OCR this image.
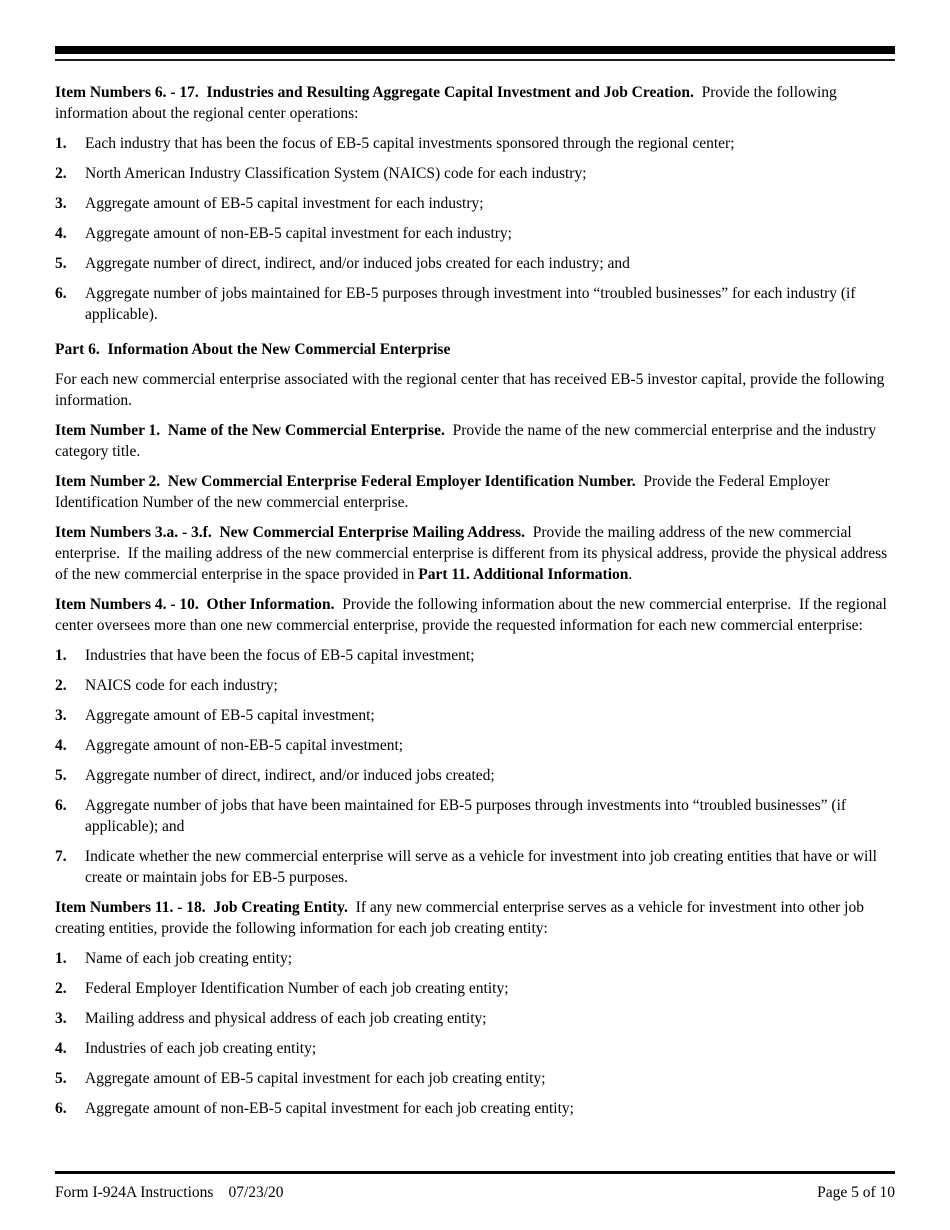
Item Numbers 6. - 17.  Industries and Resulting Aggregate Capital Investment and Job Creation.  Provide the following information about the regional center operations:

1.	Each industry that has been the focus of EB-5 capital investments sponsored through the regional center;
2.	North American Industry Classification System (NAICS) code for each industry;
3.	Aggregate amount of EB-5 capital investment for each industry;
4.	Aggregate amount of non-EB-5 capital investment for each industry;
5.	Aggregate number of direct, indirect, and/or induced jobs created for each industry; and
6.	Aggregate number of jobs maintained for EB-5 purposes through investment into “troubled businesses” for each industry (if applicable).
Part 6.  Information About the New Commercial Enterprise

For each new commercial enterprise associated with the regional center that has received EB-5 investor capital, provide the following information.

Item Number 1.  Name of the New Commercial Enterprise.  Provide the name of the new commercial enterprise and the industry category title.

Item Number 2.  New Commercial Enterprise Federal Employer Identification Number.  Provide the Federal Employer Identification Number of the new commercial enterprise.

Item Numbers 3.a. - 3.f.  New Commercial Enterprise Mailing Address.  Provide the mailing address of the new commercial enterprise.  If the mailing address of the new commercial enterprise is different from its physical address, provide the physical address of the new commercial enterprise in the space provided in Part 11. Additional Information.

Item Numbers 4. - 10.  Other Information.  Provide the following information about the new commercial enterprise.  If the regional center oversees more than one new commercial enterprise, provide the requested information for each new commercial enterprise:

1.	Industries that have been the focus of EB-5 capital investment;
2.	NAICS code for each industry;
3.	Aggregate amount of EB-5 capital investment;
4.	Aggregate amount of non-EB-5 capital investment;
5.	Aggregate number of direct, indirect, and/or induced jobs created;
6.	Aggregate number of jobs that have been maintained for EB-5 purposes through investments into “troubled businesses” (if applicable); and
7.	Indicate whether the new commercial enterprise will serve as a vehicle for investment into job creating entities that have or will create or maintain jobs for EB-5 purposes.

Item Numbers 11. - 18.  Job Creating Entity.  If any new commercial enterprise serves as a vehicle for investment into other job creating entities, provide the following information for each job creating entity:

1.	Name of each job creating entity;
2.	Federal Employer Identification Number of each job creating entity;
3.	Mailing address and physical address of each job creating entity;
4.	Industries of each job creating entity;
5.	Aggregate amount of EB-5 capital investment for each job creating entity;
6.	Aggregate amount of non-EB-5 capital investment for each job creating entity;
Form I-924A Instructions 07/23/20	Page 5 of 10
